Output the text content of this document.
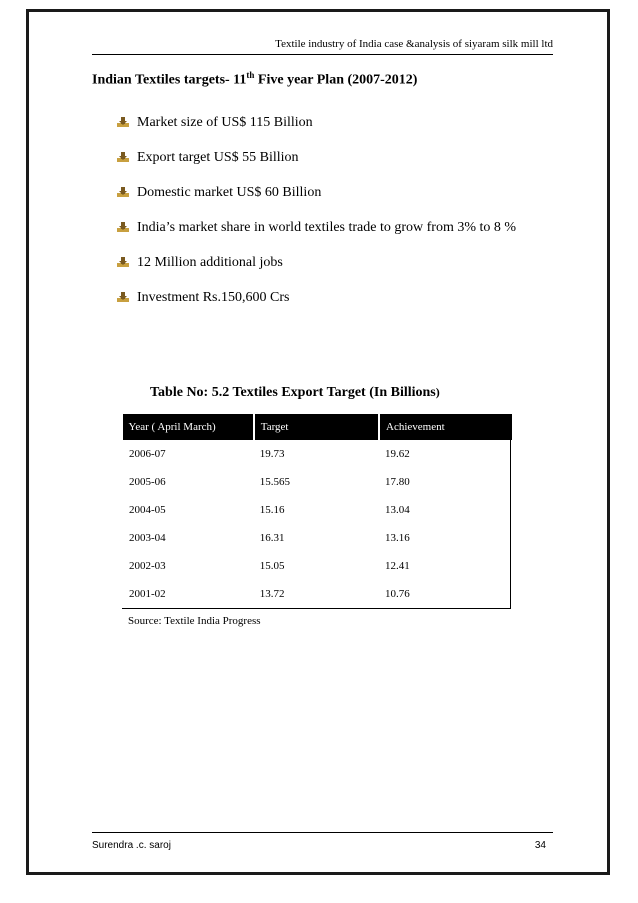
Textile industry of India case &analysis of siyaram silk mill ltd
Indian Textiles targets- 11th Five year Plan (2007-2012)
Market size of US$ 115 Billion
Export target US$ 55 Billion
Domestic market US$ 60 Billion
India’s market share in world textiles trade to grow from 3% to 8 %
12 Million additional jobs
Investment Rs.150,600 Crs
Table No: 5.2 Textiles Export Target (In Billions)
Year ( April March)	Target	Achievement
2006-07	19.73	19.62
2005-06	15.565	17.80
2004-05	15.16	13.04
2003-04	16.31	13.16
2002-03	15.05	12.41
2001-02	13.72	10.76
Source: Textile India Progress
Surendra .c. saroj	34
